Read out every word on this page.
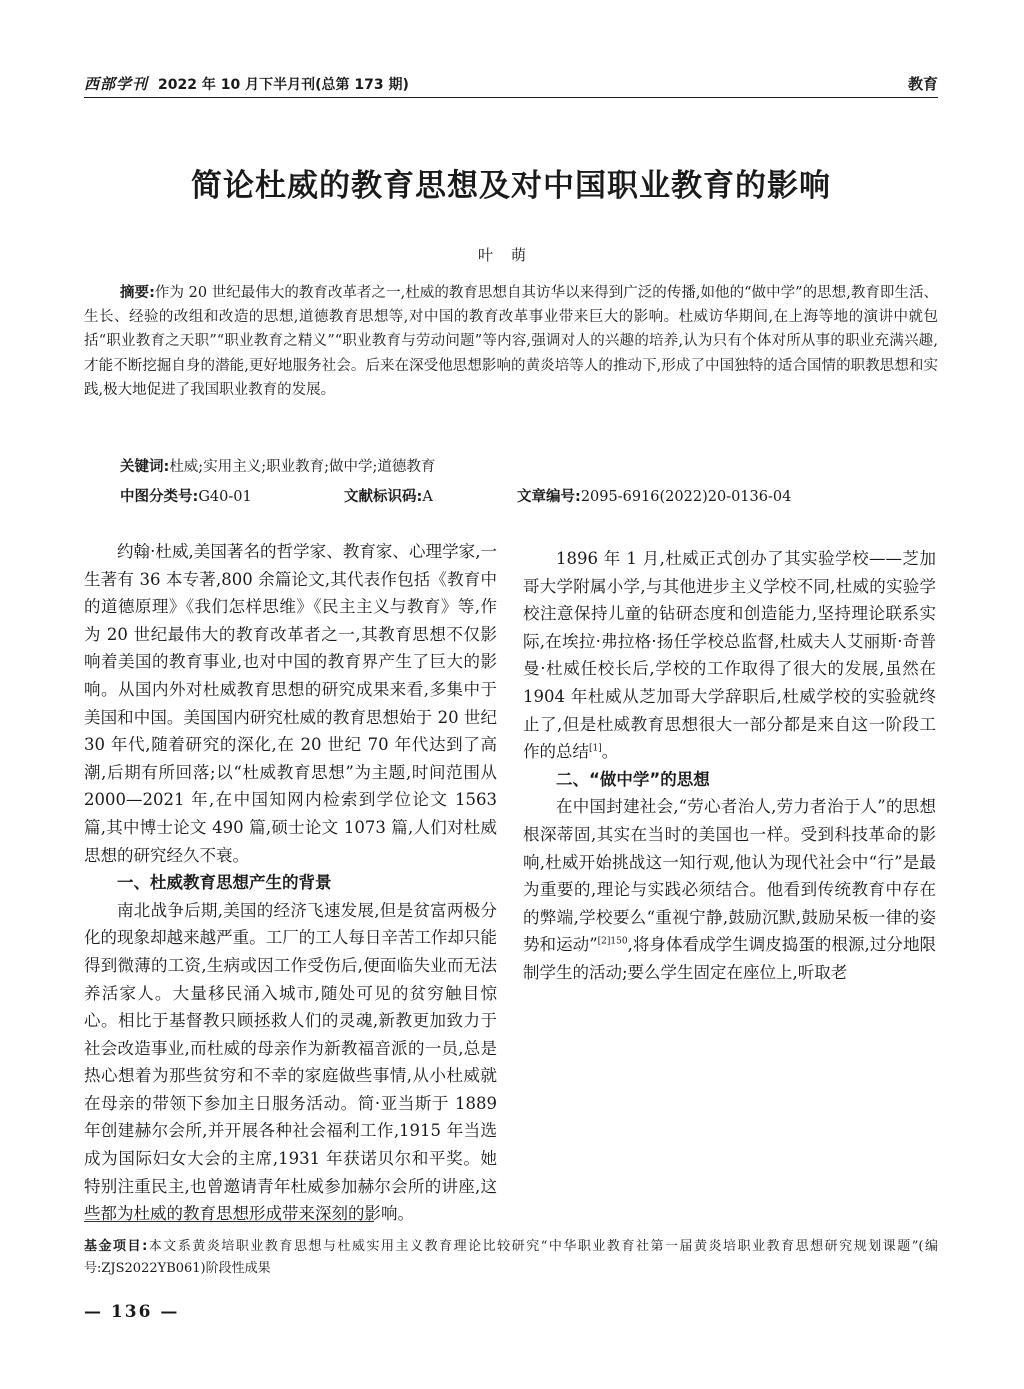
西部学刊 2022 年 10 月下半月刊(总第 173 期)	教育
简论杜威的教育思想及对中国职业教育的影响
叶萌

摘要:作为 20 世纪最伟大的教育改革者之一,杜威的教育思想自其访华以来得到广泛的传播,如他的“做中学”的思想,教育即生活、生长、经验的改组和改造的思想,道德教育思想等,对中国的教育改革事业带来巨大的影响。杜威访华期间,在上海等地的演讲中就包括“职业教育之天职”“职业教育之精义”“职业教育与劳动问题”等内容,强调对人的兴趣的培养,认为只有个体对所从事的职业充满兴趣,才能不断挖掘自身的潜能,更好地服务社会。后来在深受他思想影响的黄炎培等人的推动下,形成了中国独特的适合国情的职教思想和实践,极大地促进了我国职业教育的发展。

关键词:杜威;实用主义;职业教育;做中学;道德教育
中图分类号:G40-01	文献标识码:A	文章编号:2095-6916(2022)20-0136-04

约翰·杜威,美国著名的哲学家、教育家、心理学家,一生著有 36 本专著,800 余篇论文,其代表作包括《教育中的道德原理》《我们怎样思维》《民主主义与教育》等,作为 20 世纪最伟大的教育改革者之一,其教育思想不仅影响着美国的教育事业,也对中国的教育界产生了巨大的影响。从国内外对杜威教育思想的研究成果来看,多集中于美国和中国。美国国内研究杜威的教育思想始于 20 世纪 30 年代,随着研究的深化,在 20 世纪 70 年代达到了高潮,后期有所回落;以“杜威教育思想”为主题,时间范围从 2000—2021 年,在中国知网内检索到学位论文 1563 篇,其中博士论文 490 篇,硕士论文 1073 篇,人们对杜威思想的研究经久不衰。

一、杜威教育思想产生的背景

南北战争后期,美国的经济飞速发展,但是贫富两极分化的现象却越来越严重。工厂的工人每日辛苦工作却只能得到微薄的工资,生病或因工作受伤后,便面临失业而无法养活家人。大量移民涌入城市,随处可见的贫穷触目惊心。相比于基督教只顾拯救人们的灵魂,新教更加致力于社会改造事业,而杜威的母亲作为新教福音派的一员,总是热心想着为那些贫穷和不幸的家庭做些事情,从小杜威就在母亲的带领下参加主日服务活动。简·亚当斯于 1889 年创建赫尔会所,并开展各种社会福利工作,1915 年当选成为国际妇女大会的主席,1931 年获诺贝尔和平奖。她特别注重民主,也曾邀请青年杜威参加赫尔会所的讲座,这些都为杜威的教育思想形成带来深刻的影响。

1896 年 1 月,杜威正式创办了其实验学校——芝加哥大学附属小学,与其他进步主义学校不同,杜威的实验学校注意保持儿童的钻研态度和创造能力,坚持理论联系实际,在埃拉·弗拉格·扬任学校总监督,杜威夫人艾丽斯·奇普曼·杜威任校长后,学校的工作取得了很大的发展,虽然在 1904 年杜威从芝加哥大学辞职后,杜威学校的实验就终止了,但是杜威教育思想很大一部分都是来自这一阶段工作的总结[1]。

二、“做中学”的思想

在中国封建社会,“劳心者治人,劳力者治于人”的思想根深蒂固,其实在当时的美国也一样。受到科技革命的影响,杜威开始挑战这一知行观,他认为现代社会中“行”是最为重要的,理论与实践必须结合。他看到传统教育中存在的弊端,学校要么“重视宁静,鼓励沉默,鼓励呆板一律的姿势和运动”$^{[2]150}$,将身体看成学生调皮捣蛋的根源,过分地限制学生的活动;要么学生固定在座位上,听取老

基金项目:本文系黄炎培职业教育思想与杜威实用主义教育理论比较研究“中华职业教育社第一届黄炎培职业教育思想研究规划课题”(编号:ZJS2022YB061)阶段性成果

— 136 —
